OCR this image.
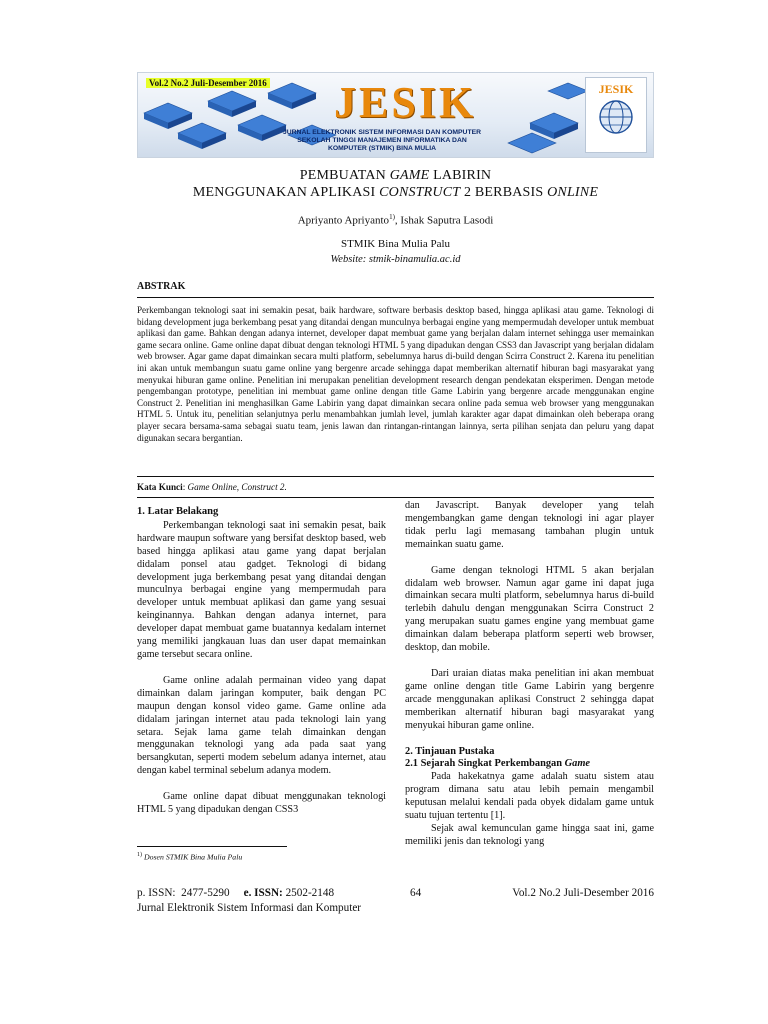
Vol.2 No.2 Juli-Desember 2016 JESIK
JURNAL ELEKTRONIK SISTEM INFORMASI DAN KOMPUTER
SEKOLAH TINGGI MANAJEMEN INFORMATIKA DAN
KOMPUTER (STMIK) BINA MULIA
JESIK
PEMBUATAN GAME LABIRIN
MENGGUNAKAN APLIKASI CONSTRUCT 2 BERBASIS ONLINE
Apriyanto Apriyanto$^{1)}$, Ishak Saputra Lasodi
STMIK Bina Mulia Palu
Website: stmik-binamulia.ac.id
ABSTRAK
Perkembangan teknologi saat ini semakin pesat, baik hardware, software berbasis desktop based, hingga aplikasi atau game. Teknologi di bidang development juga berkembang pesat yang ditandai dengan munculnya berbagai engine yang mempermudah developer untuk membuat aplikasi dan game. Bahkan dengan adanya internet, developer dapat membuat game yang berjalan dalam internet sehingga user memainkan game secara online. Game online dapat dibuat dengan teknologi HTML 5 yang dipadukan dengan CSS3 dan Javascript yang berjalan didalam web browser. Agar game dapat dimainkan secara multi platform, sebelumnya harus di-build dengan Scirra Construct 2. Karena itu penelitian ini akan untuk membangun suatu game online yang bergenre arcade sehingga dapat memberikan alternatif hiburan bagi masyarakat yang menyukai hiburan game online. Penelitian ini merupakan penelitian development research dengan pendekatan eksperimen. Dengan metode pengembangan prototype, penelitian ini membuat game online dengan title Game Labirin yang bergenre arcade menggunakan engine Construct 2. Penelitian ini menghasilkan Game Labirin yang dapat dimainkan secara online pada semua web browser yang menggunakan HTML 5. Untuk itu, penelitian selanjutnya perlu menambahkan jumlah level, jumlah karakter agar dapat dimainkan oleh beberapa orang player secara bersama-sama sebagai suatu team, jenis lawan dan rintangan-rintangan lainnya, serta pilihan senjata dan peluru yang dapat digunakan secara bergantian.
Kata Kunci: Game Online, Construct 2.

1. Latar Belakang

Perkembangan teknologi saat ini semakin pesat, baik hardware maupun software yang bersifat desktop based, web based hingga aplikasi atau game yang dapat berjalan didalam ponsel atau gadget. Teknologi di bidang development juga berkembang pesat yang ditandai dengan munculnya berbagai engine yang mempermudah para developer untuk membuat aplikasi dan game yang sesuai keinginannya. Bahkan dengan adanya internet, para developer dapat membuat game buatannya kedalam internet yang memiliki jangkauan luas dan user dapat memainkan game tersebut secara online.

Game online adalah permainan video yang dapat dimainkan dalam jaringan komputer, baik dengan PC maupun dengan konsol video game. Game online ada didalam jaringan internet atau pada teknologi lain yang setara. Sejak lama game telah dimainkan dengan menggunakan teknologi yang ada pada saat yang bersangkutan, seperti modem sebelum adanya internet, atau dengan kabel terminal sebelum adanya modem.

Game online dapat dibuat menggunakan teknologi HTML 5 yang dipadukan dengan CSS3

dan Javascript. Banyak developer yang telah mengembangkan game dengan teknologi ini agar player tidak perlu lagi memasang tambahan plugin untuk memainkan suatu game.

Game dengan teknologi HTML 5 akan berjalan didalam web browser. Namun agar game ini dapat juga dimainkan secara multi platform, sebelumnya harus di-build terlebih dahulu dengan menggunakan Scirra Construct 2 yang merupakan suatu games engine yang membuat game dimainkan dalam beberapa platform seperti web browser, desktop, dan mobile.

Dari uraian diatas maka penelitian ini akan membuat game online dengan title Game Labirin yang bergenre arcade menggunakan aplikasi Construct 2 sehingga dapat memberikan alternatif hiburan bagi masyarakat yang menyukai hiburan game online.

2. Tinjauan Pustaka

2.1 Sejarah Singkat Perkembangan Game

Pada hakekatnya game adalah suatu sistem atau program dimana satu atau lebih pemain mengambil keputusan melalui kendali pada obyek didalam game untuk suatu tujuan tertentu [1].

Sejak awal kemunculan game hingga saat ini, game memiliki jenis dan teknologi yang

$^{1)}$ Dosen STMIK Bina Mulia Palu
p. ISSN: 2477-5290 e. ISSN: 2502-2148	64	Vol.2 No.2 Juli-Desember 2016
Jurnal Elektronik Sistem Informasi dan Komputer
